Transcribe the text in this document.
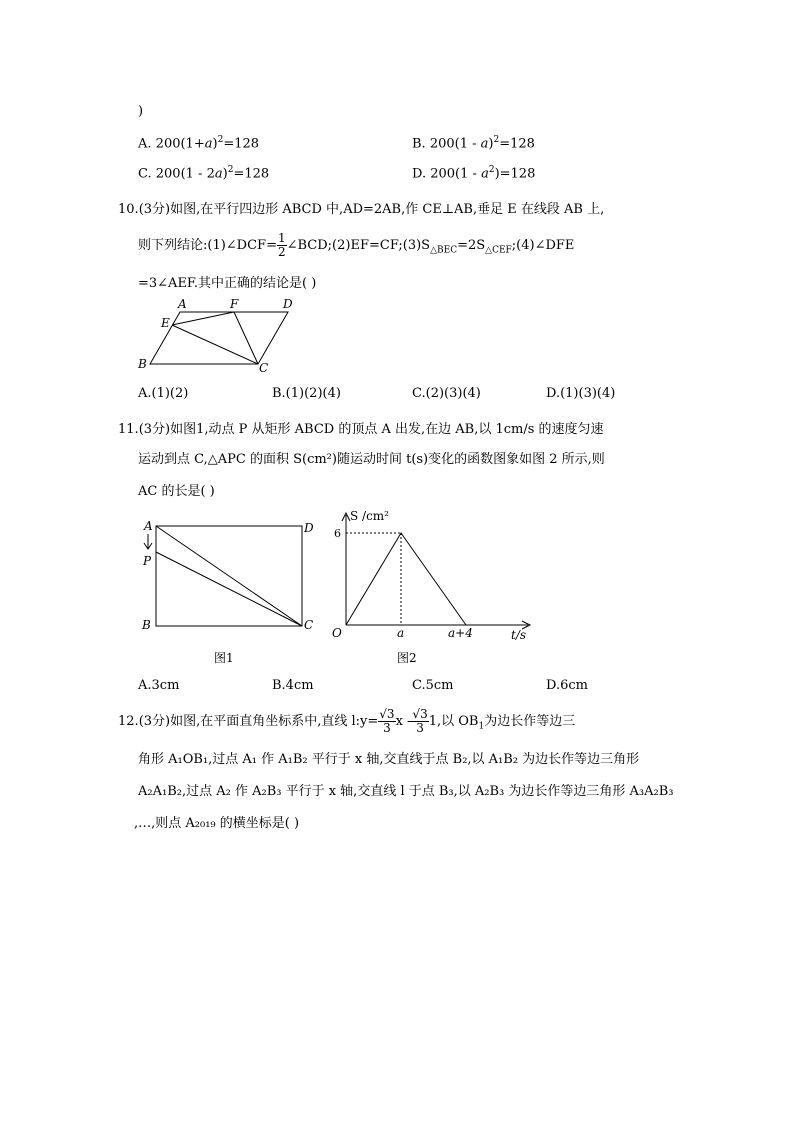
)
A. $200(1+a)^2=128$	B. 200(1 - a)$^2$=128
C. 200(1 - 2a)$^2$=128	D. $200(1 - a^2)=128$
10.(3分)如图,在平行四边形 ABCD 中,AD=2AB,作 CE⊥AB,垂足 E 在线段 AB 上,
则下列结论:(1)∠DCF= $\frac{1}{2}$ $\angle BCD;(2)EF=CF;(3)S_{\triangle BEC}=2S_{\triangle CEF};(4)\angle DFE$
=3∠AEF.其中正确的结论是( )
A	F	D
E
B	C
A.(1)(2)	B.(1)(2)(4)	C.(2)(3)(4)	D.(1)(3)(4)
11.(3分)如图1,动点 P 从矩形 ABCD 的顶点 A 出发,在边 AB,以 1cm/s 的速度匀速
运动到点 C,△APC 的面积 S(cm²)随运动时间 t(s)变化的函数图象如图 2 所示,则
AC 的长是( )
A	D
P
B	C
图1
S /cm²
6
O	a	a+4	t/s
图2
A.3cm	B.4cm	C.5cm	D.6cm
12.(3分)如图,在平面直角坐标系中,直线 l:y= $\frac{√3}{3}$ x - $\frac{√3}{3} 1$,以 $OB_1$为边长作等边三
角形 A₁OB₁,过点 A₁ 作 A₁B₂ 平行于 x 轴,交直线于点 B₂,以 A₁B₂ 为边长作等边三角形
A₂A₁B₂,过点 A₂ 作 A₂B₃ 平行于 x 轴,交直线 l 于点 B₃,以 A₂B₃ 为边长作等边三角形 A₃A₂B₃
,…,则点 A₂₀₁₉ 的横坐标是( )
